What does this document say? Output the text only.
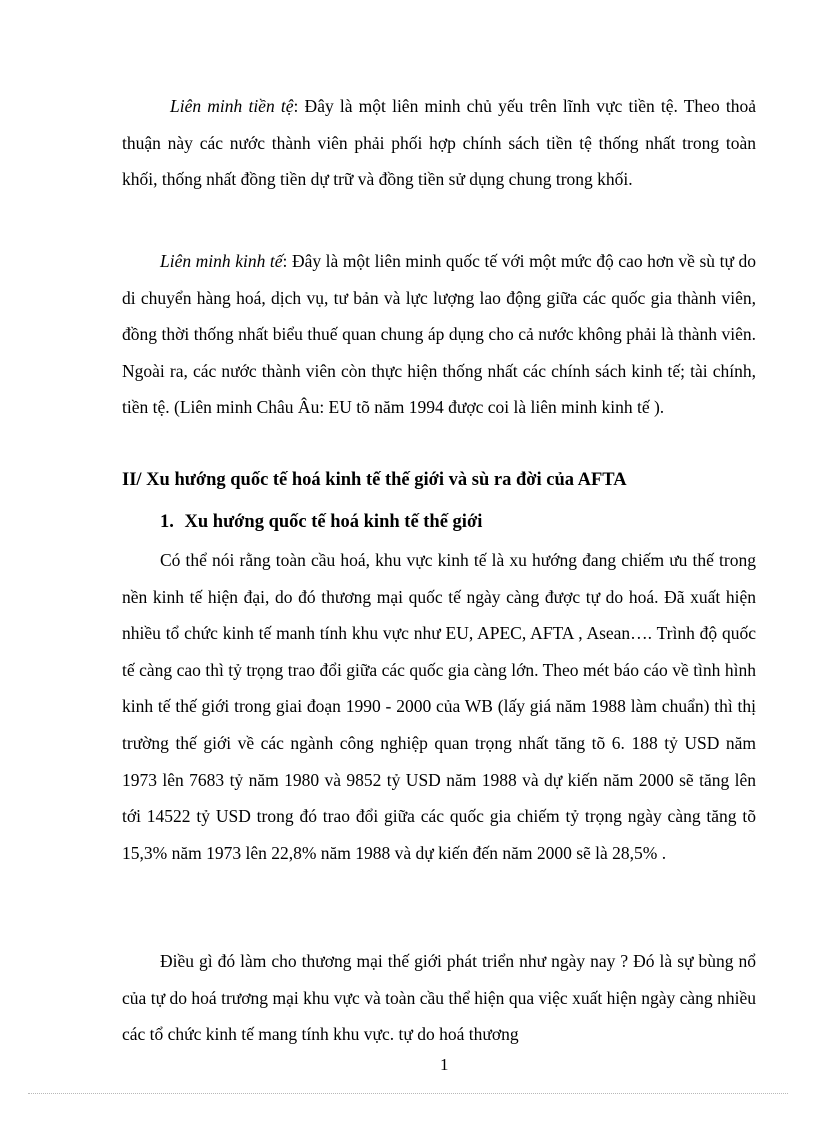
Liên minh tiền tệ: Đây là một liên minh chủ yếu trên lĩnh vực tiền tệ. Theo thoả thuận này các nước thành viên phải phối hợp chính sách tiền tệ thống nhất trong toàn khối, thống nhất đồng tiền dự trữ và đồng tiền sử dụng chung trong khối.

Liên minh kinh tế: Đây là một liên minh quốc tế với một mức độ cao hơn về sù tự do di chuyển hàng hoá, dịch vụ, tư bản và lực lượng lao động giữa các quốc gia thành viên, đồng thời thống nhất biểu thuế quan chung áp dụng cho cả nước không phải là thành viên. Ngoài ra, các nước thành viên còn thực hiện thống nhất các chính sách kinh tế; tài chính, tiền tệ. (Liên minh Châu Âu: EU tõ năm 1994 được coi là liên minh kinh tế ).

II/ Xu hướng quốc tế hoá kinh tế thế giới và sù ra đời của AFTA
1. Xu hướng quốc tế hoá kinh tế thế giới

Có thể nói rằng toàn cầu hoá, khu vực kinh tế là xu hướng đang chiếm ưu thế trong nền kinh tế hiện đại, do đó thương mại quốc tế ngày càng được tự do hoá. Đã xuất hiện nhiều tổ chức kinh tế manh tính khu vực như EU, APEC, AFTA , Asean…. Trình độ quốc tế càng cao thì tỷ trọng trao đổi giữa các quốc gia càng lớn. Theo mét báo cáo về tình hình kinh tế thế giới trong giai đoạn 1990 - 2000 của WB (lấy giá năm 1988 làm chuẩn) thì thị trường thế giới về các ngành công nghiệp quan trọng nhất tăng tõ 6. 188 tỷ USD năm 1973 lên 7683 tỷ năm 1980 và 9852 tỷ USD năm 1988 và dự kiến năm 2000 sẽ tăng lên tới 14522 tỷ USD trong đó trao đổi giữa các quốc gia chiếm tỷ trọng ngày càng tăng tõ 15,3% năm 1973 lên 22,8% năm 1988 và dự kiến đến năm 2000 sẽ là 28,5% .

Điều gì đó làm cho thương mại thế giới phát triển như ngày nay ? Đó là sự bùng nổ của tự do hoá trương mại khu vực và toàn cầu thể hiện qua việc xuất hiện ngày càng nhiều các tổ chức kinh tế mang tính khu vực. tự do hoá thương

1
